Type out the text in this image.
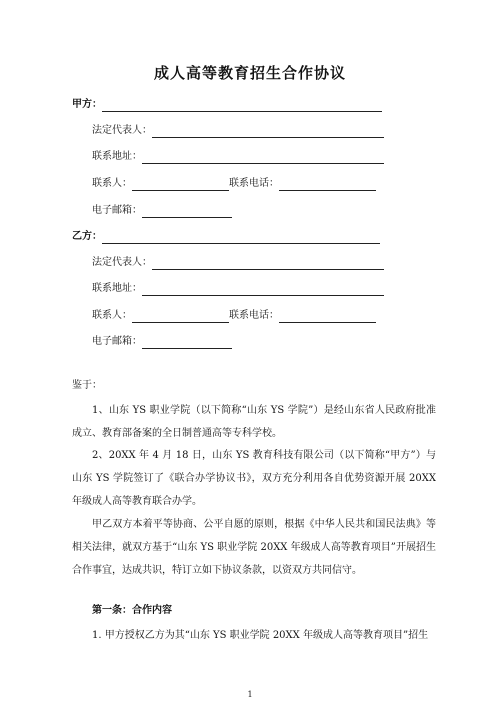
成人高等教育招生合作协议
甲方：
法定代表人：
联系地址：
联系人：	联系电话：
电子邮箱：
乙方：
法定代表人：
联系地址：
联系人：	联系电话：
电子邮箱：
鉴于：
1、山东 YS 职业学院（以下简称“山东 YS 学院”）是经山东省人民政府批准成立、教育部备案的全日制普通高等专科学校。
2、20XX 年 4 月 18 日，山东 YS 教育科技有限公司（以下简称“甲方”）与山东 YS 学院签订了《联合办学协议书》，双方充分利用各自优势资源开展 20XX 年级成人高等教育联合办学。
甲乙双方本着平等协商、公平自愿的原则，根据《中华人民共和国民法典》等相关法律，就双方基于“山东 YS 职业学院 20XX 年级成人高等教育项目”开展招生合作事宜，达成共识，特订立如下协议条款，以资双方共同信守。
第一条：合作内容
1. 甲方授权乙方为其“山东 YS 职业学院 20XX 年级成人高等教育项目”招生
1
